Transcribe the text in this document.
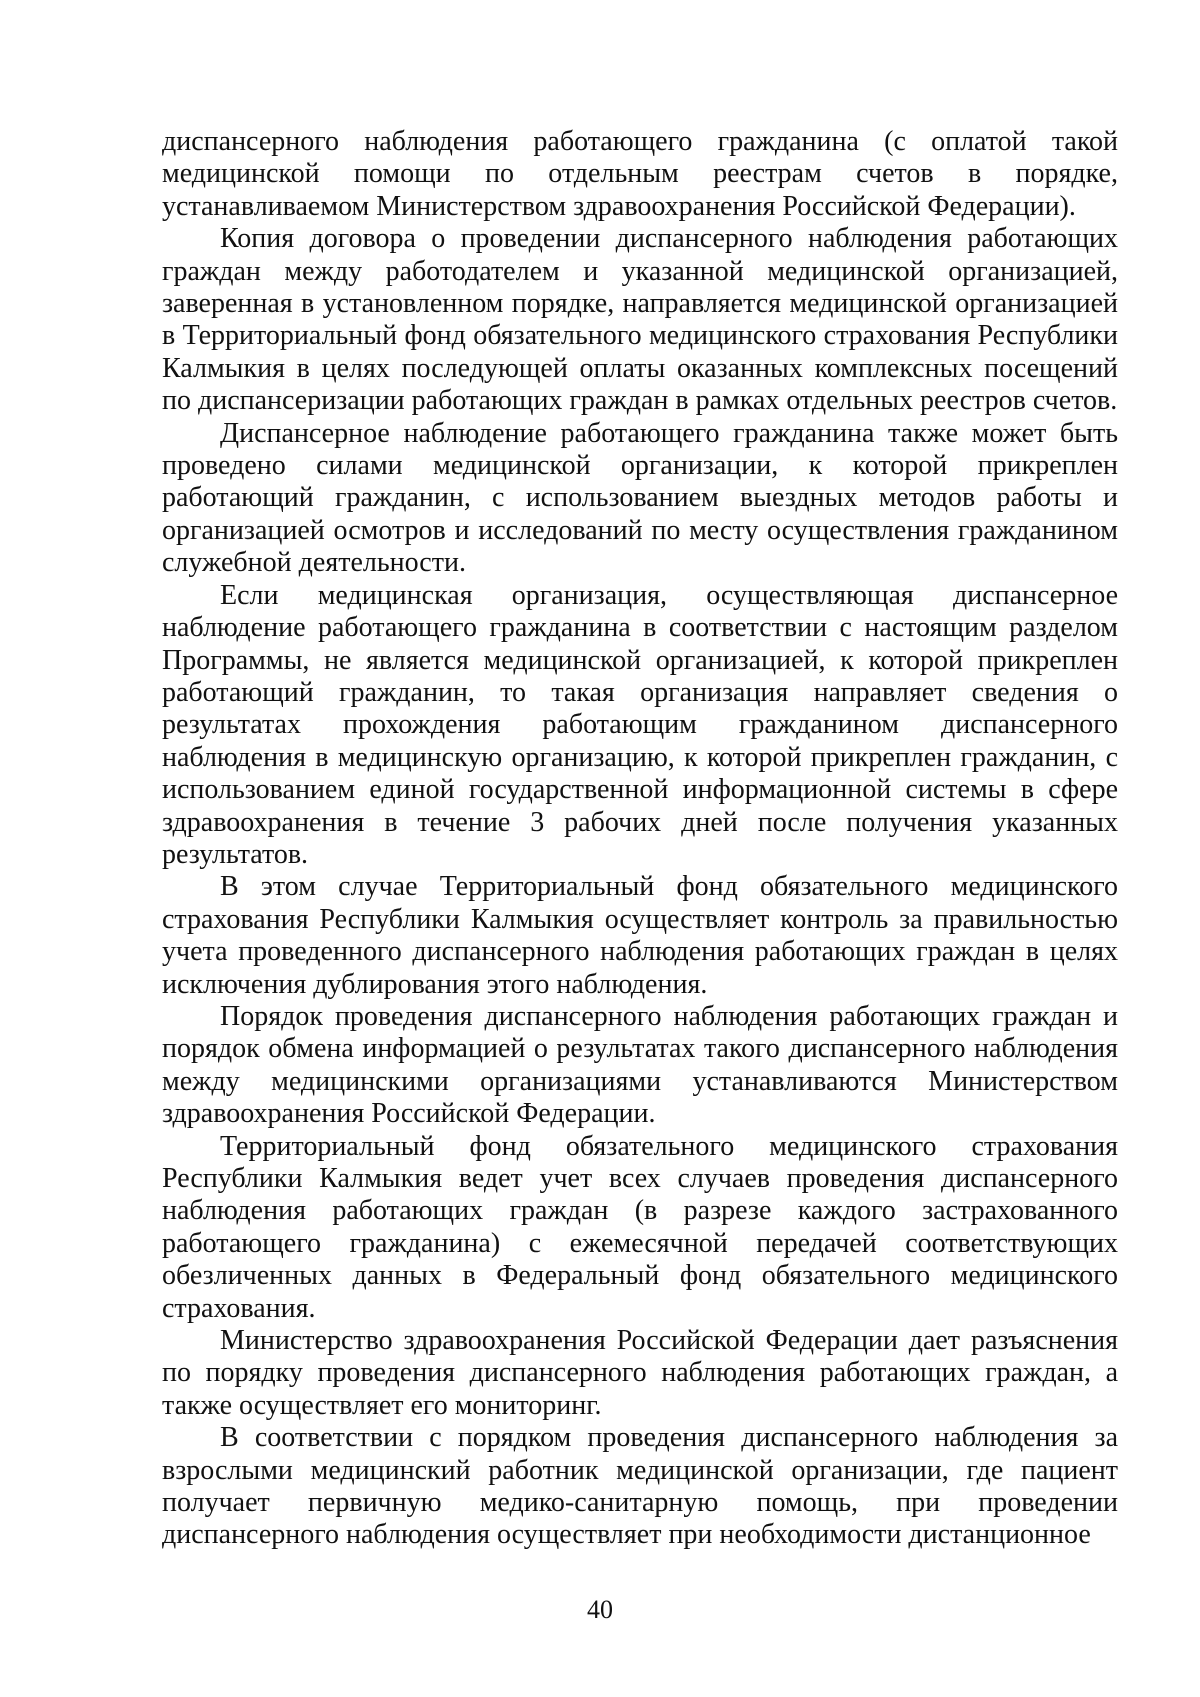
диспансерного наблюдения работающего гражданина (с оплатой такой медицинской помощи по отдельным реестрам счетов в порядке, устанавливаемом Министерством здравоохранения Российской Федерации).

Копия договора о проведении диспансерного наблюдения работающих граждан между работодателем и указанной медицинской организацией, заверенная в установленном порядке, направляется медицинской организацией в Территориальный фонд обязательного медицинского страхования Республики Калмыкия в целях последующей оплаты оказанных комплексных посещений по диспансеризации работающих граждан в рамках отдельных реестров счетов.

Диспансерное наблюдение работающего гражданина также может быть проведено силами медицинской организации, к которой прикреплен работающий гражданин, с использованием выездных методов работы и организацией осмотров и исследований по месту осуществления гражданином служебной деятельности.

Если медицинская организация, осуществляющая диспансерное наблюдение работающего гражданина в соответствии с настоящим разделом Программы, не является медицинской организацией, к которой прикреплен работающий гражданин, то такая организация направляет сведения о результатах прохождения работающим гражданином диспансерного наблюдения в медицинскую организацию, к которой прикреплен гражданин, с использованием единой государственной информационной системы в сфере здравоохранения в течение 3 рабочих дней после получения указанных результатов.

В этом случае Территориальный фонд обязательного медицинского страхования Республики Калмыкия осуществляет контроль за правильностью учета проведенного диспансерного наблюдения работающих граждан в целях исключения дублирования этого наблюдения.

Порядок проведения диспансерного наблюдения работающих граждан и порядок обмена информацией о результатах такого диспансерного наблюдения между медицинскими организациями устанавливаются Министерством здравоохранения Российской Федерации.

Территориальный фонд обязательного медицинского страхования Республики Калмыкия ведет учет всех случаев проведения диспансерного наблюдения работающих граждан (в разрезе каждого застрахованного работающего гражданина) с ежемесячной передачей соответствующих обезличенных данных в Федеральный фонд обязательного медицинского страхования.

Министерство здравоохранения Российской Федерации дает разъяснения по порядку проведения диспансерного наблюдения работающих граждан, а также осуществляет его мониторинг.

В соответствии с порядком проведения диспансерного наблюдения за взрослыми медицинский работник медицинской организации, где пациент получает первичную медико-санитарную помощь, при проведении диспансерного наблюдения осуществляет при необходимости дистанционное

40
